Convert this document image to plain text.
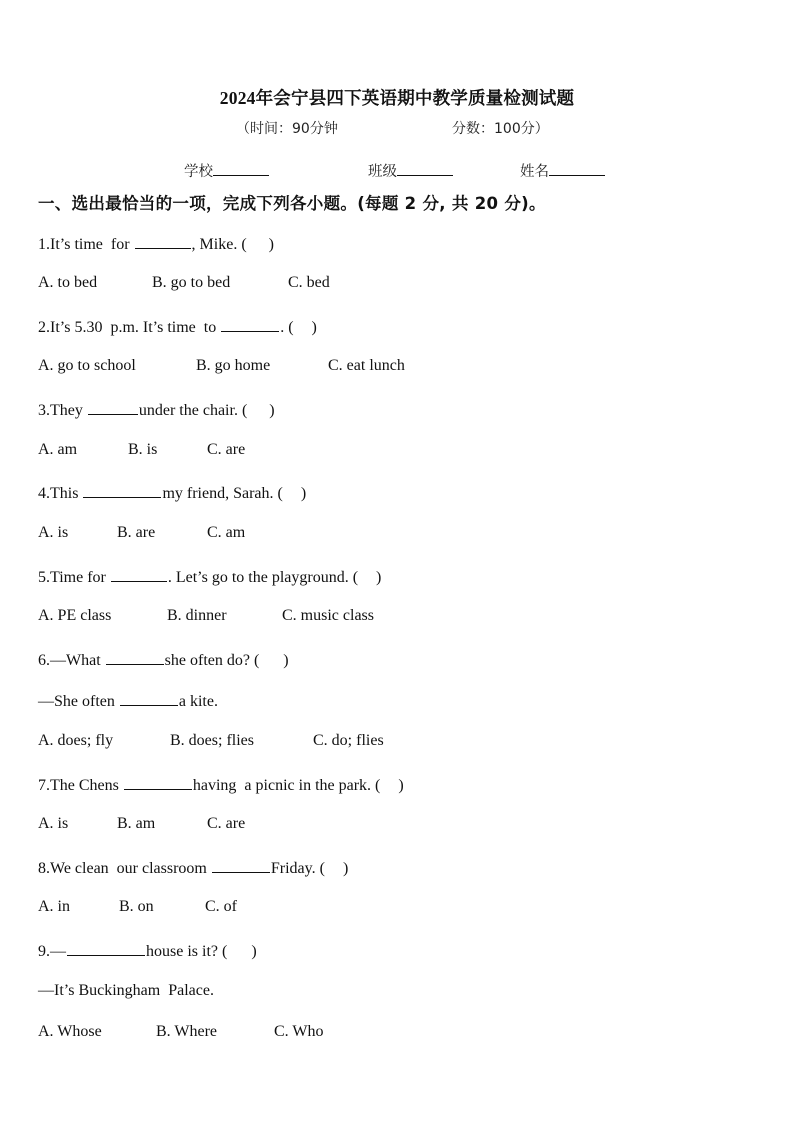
2024年会宁县四下英语期中教学质量检测试题
（时间：90分钟	分数：100分）
学校	班级	姓名
一、选出最恰当的一项，完成下列各小题。(每题 2 分, 共 20 分)。
1.It’s time  for	, Mike. ( )
A. to bed	B. go to bed	C. bed
2.It’s 5.30  p.m. It’s time  to	. ( )
A. go to school	B. go home	C. eat lunch
3.They	under the chair. ( )
A. am	B. is	C. are
4.This	my friend, Sarah. ( )
A. is	B. are	C. am
5.Time for	. Let’s go to the playground. ( )
A. PE class	B. dinner	C. music class
6.—What	she often do? ( )
—She often	a kite.
A. does; fly	B. does; flies	C. do; flies
7.The Chens	having  a picnic in the park. ( )
A. is	B. am	C. are
8.We clean  our classroom	Friday. ( )
A. in	B. on	C. of
9.—	house is it? ( )
—It’s Buckingham  Palace.
A. Whose	B. Where	C. Who
